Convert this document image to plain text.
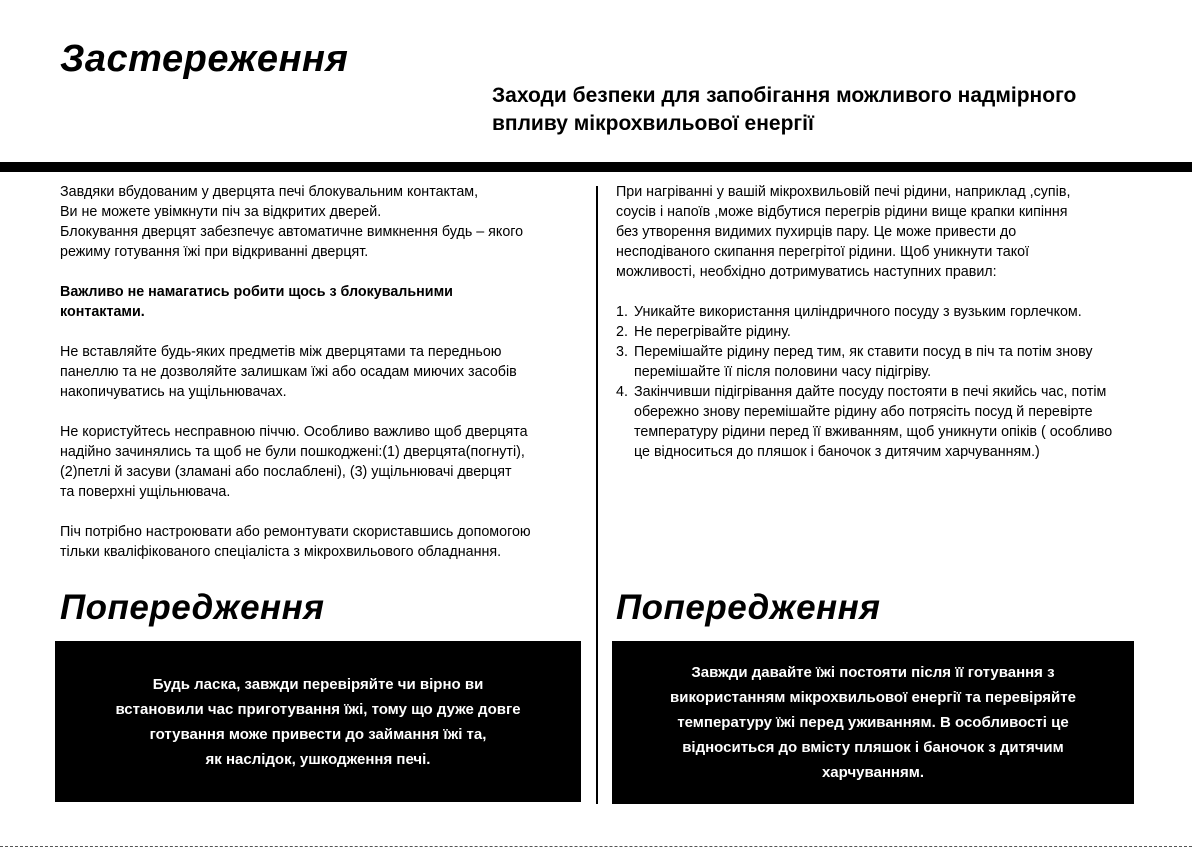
Застереження
Заходи безпеки для запобігання можливого надмірного
впливу мікрохвильової енергії

Завдяки вбудованим у дверцята печі блокувальним контактам,
Ви не можете увімкнути піч за відкритих дверей.
Блокування дверцят забезпечує автоматичне вимкнення будь – якого
режиму готування їжі при відкриванні дверцят.

Важливо не намагатись робити щось з блокувальними
контактами.

Не вставляйте будь-яких предметів між дверцятами та передньою
панеллю та не дозволяйте залишкам їжі або осадам миючих засобів
накопичуватись на ущільнювачах.

Не користуйтесь несправною піччю. Особливо важливо щоб дверцята
надійно зачинялись та щоб не були пошкоджені:(1) дверцята(погнуті),
(2)петлі й засуви (зламані або послаблені), (3) ущільнювачі дверцят
та поверхні ущільнювача.

Піч потрібно настроювати або ремонтувати скориставшись допомогою
тільки кваліфікованого спеціаліста з мікрохвильового обладнання.

При нагріванні у вашій мікрохвильовій печі рідини, наприклад ,супів,
соусів і напоїв ,може відбутися перегрів рідини вище крапки кипіння
без утворення видимих пухирців пару. Це може привести до
несподіваного скипання перегрітої рідини. Щоб уникнути такої
можливості, необхідно дотримуватись наступних правил:

1. Уникайте використання циліндричного посуду з вузьким горлечком.
2. Не перегрівайте рідину.
3. Перемішайте рідину перед тим, як ставити посуд в піч та потім знову
перемішайте її після половини часу підігріву.
4. Закінчивши підігрівання дайте посуду постояти в печі якийсь час, потім
обережно знову перемішайте рідину або потрясіть посуд й перевірте
температуру рідини перед її вживанням, щоб уникнути опіків ( особливо
це відноситься до пляшок і баночок з дитячим харчуванням.)
Попередження
Будь ласка, завжди перевіряйте чи вірно ви
встановили час приготування їжі, тому що дуже довге
готування може привести до займання їжі та,
як наслідок, ушкодження печі.
Попередження
Завжди давайте їжі постояти після її готування з
використанням мікрохвильової енергії та перевіряйте
температуру їжі перед уживанням. В особливості це
відноситься до вмісту пляшок і баночок з дитячим
харчуванням.
